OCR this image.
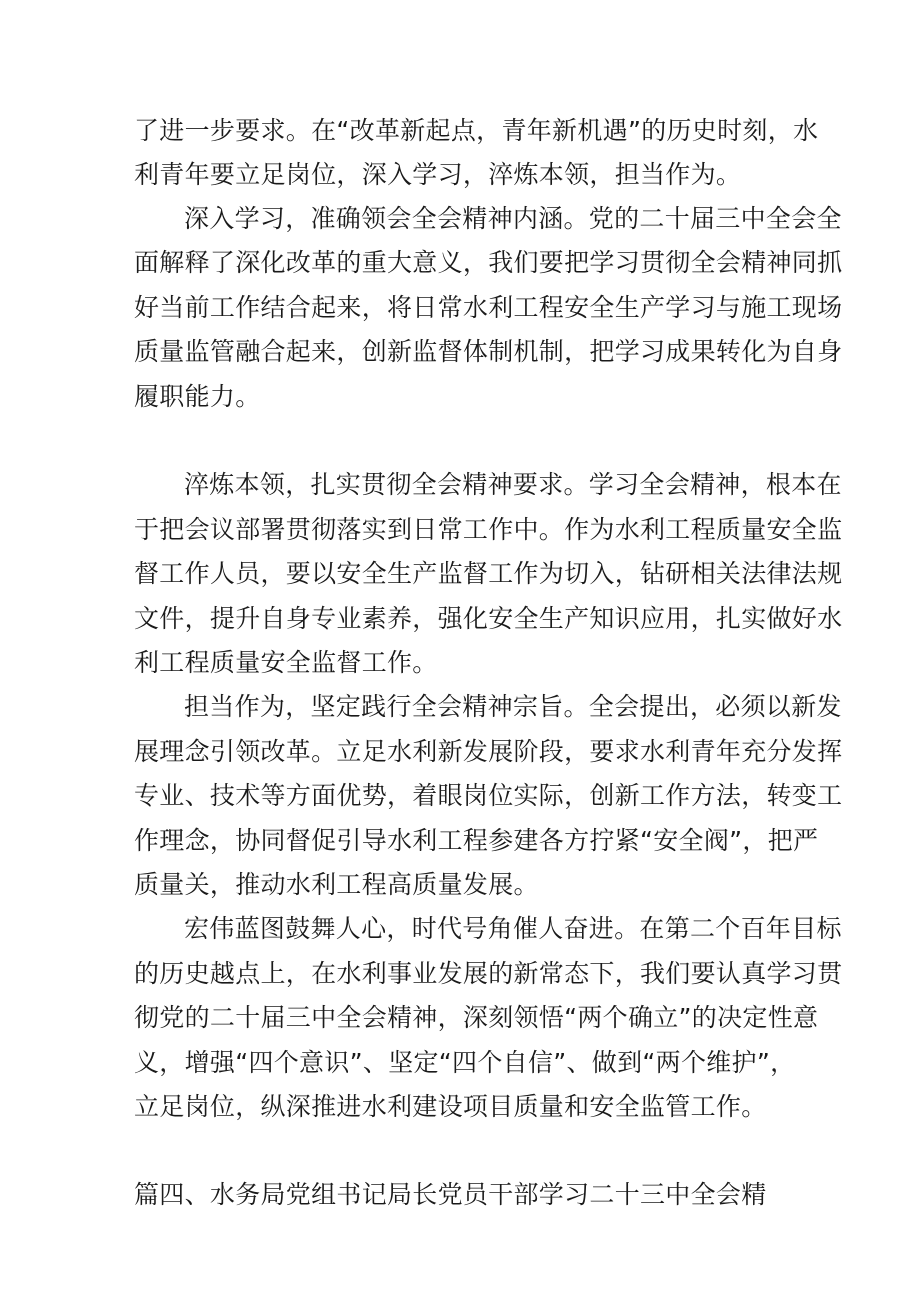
了进一步要求。在“改革新起点，青年新机遇”的历史时刻，水
利青年要立足岗位，深入学习，淬炼本领，担当作为。
深入学习，准确领会全会精神内涵。党的二十届三中全会全
面解释了深化改革的重大意义，我们要把学习贯彻全会精神同抓
好当前工作结合起来，将日常水利工程安全生产学习与施工现场
质量监管融合起来，创新监督体制机制，把学习成果转化为自身
履职能力。
淬炼本领，扎实贯彻全会精神要求。学习全会精神，根本在
于把会议部署贯彻落实到日常工作中。作为水利工程质量安全监
督工作人员，要以安全生产监督工作为切入，钻研相关法律法规
文件，提升自身专业素养，强化安全生产知识应用，扎实做好水
利工程质量安全监督工作。
担当作为，坚定践行全会精神宗旨。全会提出，必须以新发
展理念引领改革。立足水利新发展阶段，要求水利青年充分发挥
专业、技术等方面优势，着眼岗位实际，创新工作方法，转变工
作理念，协同督促引导水利工程参建各方拧紧“安全阀”，把严
质量关，推动水利工程高质量发展。
宏伟蓝图鼓舞人心，时代号角催人奋进。在第二个百年目标
的历史越点上，在水利事业发展的新常态下，我们要认真学习贯
彻党的二十届三中全会精神，深刻领悟“两个确立”的决定性意
义，增强“四个意识”、坚定“四个自信”、做到“两个维护”，
立足岗位，纵深推进水利建设项目质量和安全监管工作。
篇四、水务局党组书记局长党员干部学习二十三中全会精
